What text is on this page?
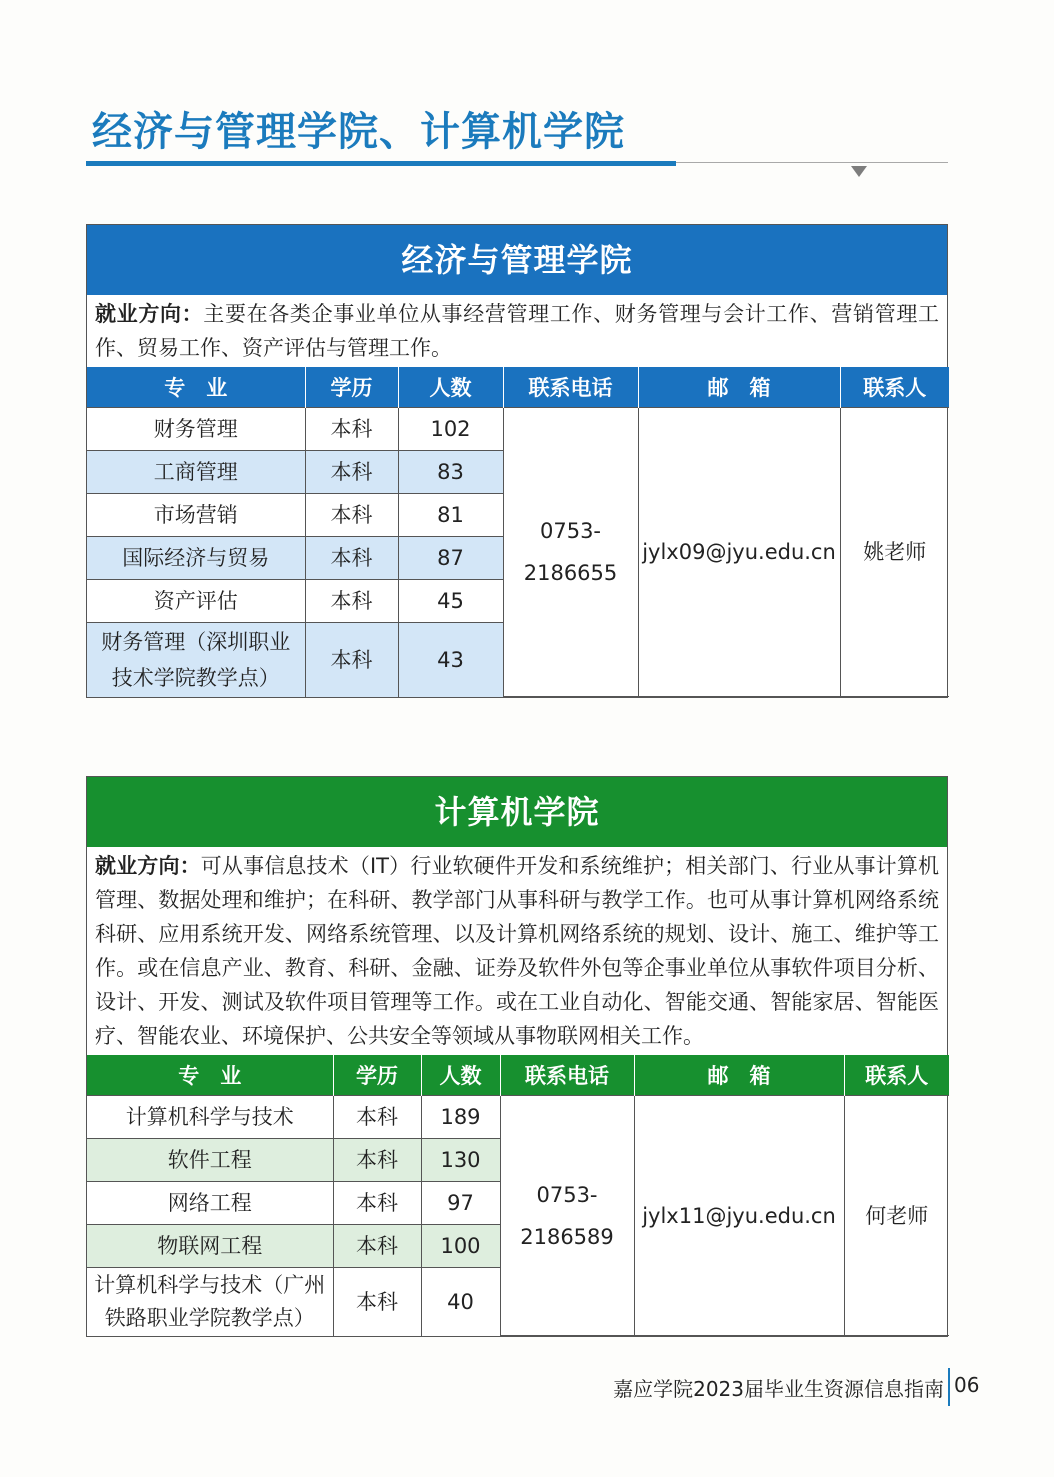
经济与管理学院、计算机学院
经济与管理学院
就业方向：主要在各类企事业单位从事经营管理工作、财务管理与会计工作、营销管理工作、贸易工作、资产评估与管理工作。
专　业	学历	人数	联系电话	邮　箱	联系人
财务管理	本科	102	0753-2186655	jylx09@jyu.edu.cn	姚老师
工商管理	本科	83			
市场营销	本科	81			
国际经济与贸易	本科	87			
资产评估	本科	45			
财务管理（深圳职业技术学院教学点）	本科	43			
计算机学院
就业方向：可从事信息技术（IT）行业软硬件开发和系统维护；相关部门、行业从事计算机管理、数据处理和维护；在科研、教学部门从事科研与教学工作。也可从事计算机网络系统科研、应用系统开发、网络系统管理、以及计算机网络系统的规划、设计、施工、维护等工作。或在信息产业、教育、科研、金融、证券及软件外包等企事业单位从事软件项目分析、设计、开发、测试及软件项目管理等工作。或在工业自动化、智能交通、智能家居、智能医疗、智能农业、环境保护、公共安全等领域从事物联网相关工作。
专　业	学历	人数	联系电话	邮　箱	联系人
计算机科学与技术	本科	189	0753-2186589	jylx11@jyu.edu.cn	何老师
软件工程	本科	130			
网络工程	本科	97			
物联网工程	本科	100			
计算机科学与技术（广州铁路职业学院教学点）	本科	40			
嘉应学院2023届毕业生资源信息指南 06
